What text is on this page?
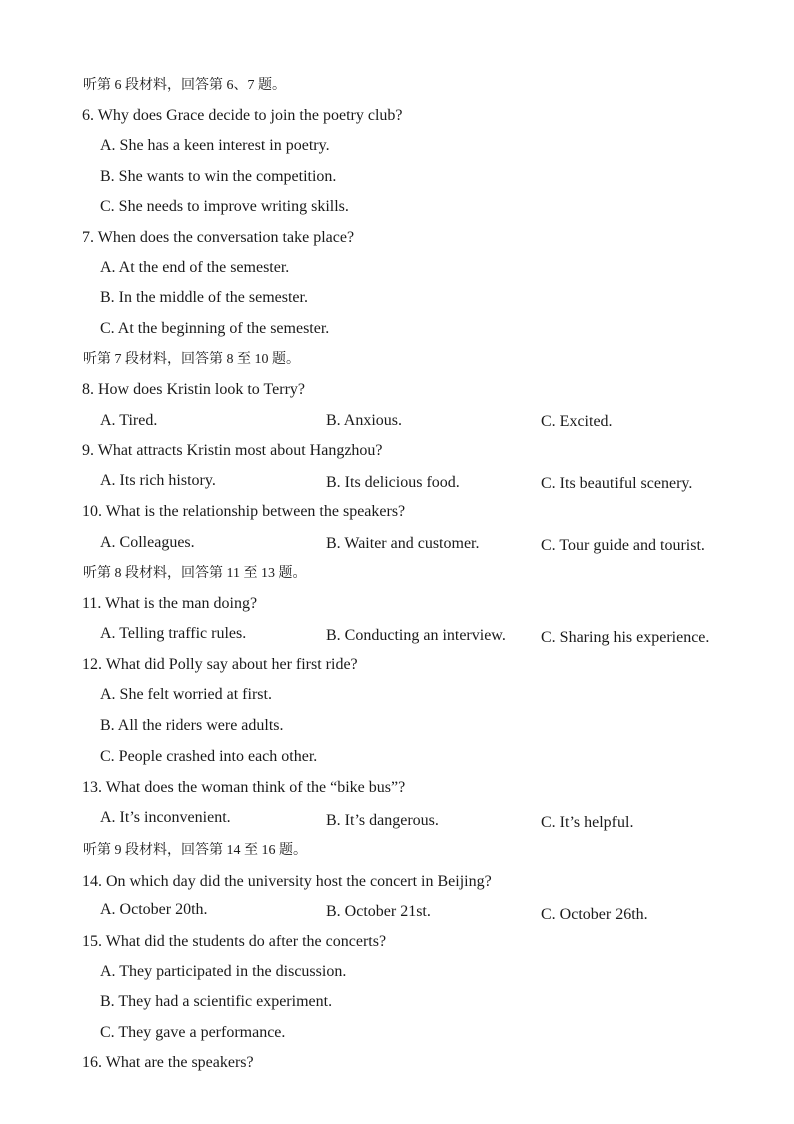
听第 6 段材料，回答第 6、7 题。
6. Why does Grace decide to join the poetry club?
A. She has a keen interest in poetry.
B. She wants to win the competition.
C. She needs to improve writing skills.
7. When does the conversation take place?
A. At the end of the semester.
B. In the middle of the semester.
C. At the beginning of the semester.
听第 7 段材料，回答第 8 至 10 题。
8. How does Kristin look to Terry?
A. Tired.	B. Anxious.	C. Excited.
9. What attracts Kristin most about Hangzhou?
A. Its rich history.	B. Its delicious food.	C. Its beautiful scenery.
10. What is the relationship between the speakers?
A. Colleagues.	B. Waiter and customer.	C. Tour guide and tourist.
听第 8 段材料，回答第 11 至 13 题。
11. What is the man doing?
A. Telling traffic rules.	B. Conducting an interview. C. Sharing his experience.
12. What did Polly say about her first ride?
A. She felt worried at first.
B. All the riders were adults.
C. People crashed into each other.
13. What does the woman think of the “bike bus”?
A. It’s inconvenient.	B. It’s dangerous.	C. It’s helpful.
听第 9 段材料，回答第 14 至 16 题。
14. On which day did the university host the concert in Beijing?
A. October 20th.	B. October 21st.	C. October 26th.
15. What did the students do after the concerts?
A. They participated in the discussion.
B. They had a scientific experiment.
C. They gave a performance.
16. What are the speakers?
